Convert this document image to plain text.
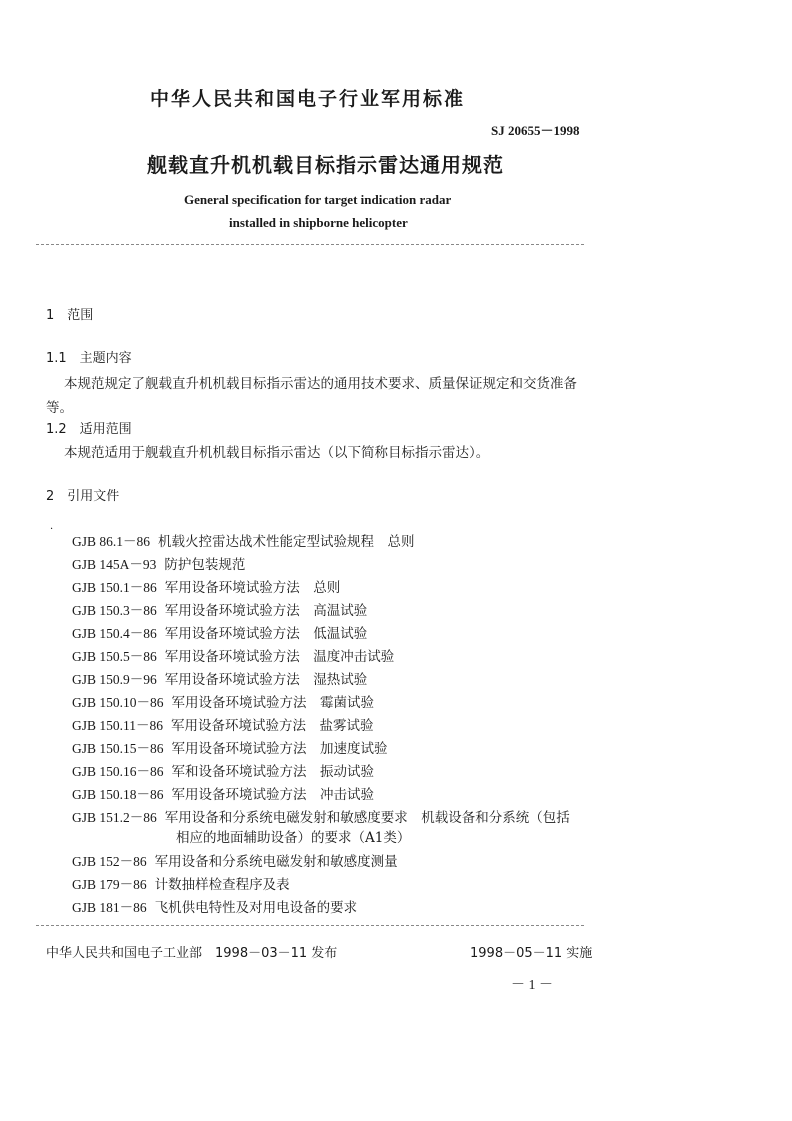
中华人民共和国电子行业军用标准
SJ 20655－1998
舰载直升机机载目标指示雷达通用规范
General specification for target indication radar
installed in shipborne helicopter
1　范围
1.1　主题内容
本规范规定了舰载直升机机载目标指示雷达的通用技术要求、质量保证规定和交货准备
等。
1.2　适用范围
本规范适用于舰载直升机机载目标指示雷达（以下简称目标指示雷达）。
2　引用文件
·
GJB 86.1－86 机载火控雷达战术性能定型试验规程　总则
GJB 145A－93 防护包装规范
GJB 150.1－86 军用设备环境试验方法　总则
GJB 150.3－86 军用设备环境试验方法　高温试验
GJB 150.4－86 军用设备环境试验方法　低温试验
GJB 150.5－86 军用设备环境试验方法　温度冲击试验
GJB 150.9－96 军用设备环境试验方法　湿热试验
GJB 150.10－86 军用设备环境试验方法　霉菌试验
GJB 150.11－86 军用设备环境试验方法　盐雾试验
GJB 150.15－86 军用设备环境试验方法　加速度试验
GJB 150.16－86 军和设备环境试验方法　振动试验
GJB 150.18－86 军用设备环境试验方法　冲击试验
GJB 151.2－86 军用设备和分系统电磁发射和敏感度要求　机载设备和分系统（包括
相应的地面辅助设备）的要求（A1类）
GJB 152－86 军用设备和分系统电磁发射和敏感度测量
GJB 179－86 计数抽样检查程序及表
GJB 181－86 飞机供电特性及对用电设备的要求
中华人民共和国电子工业部　1998－03－11 发布	1998－05－11 实施
－ 1 －
